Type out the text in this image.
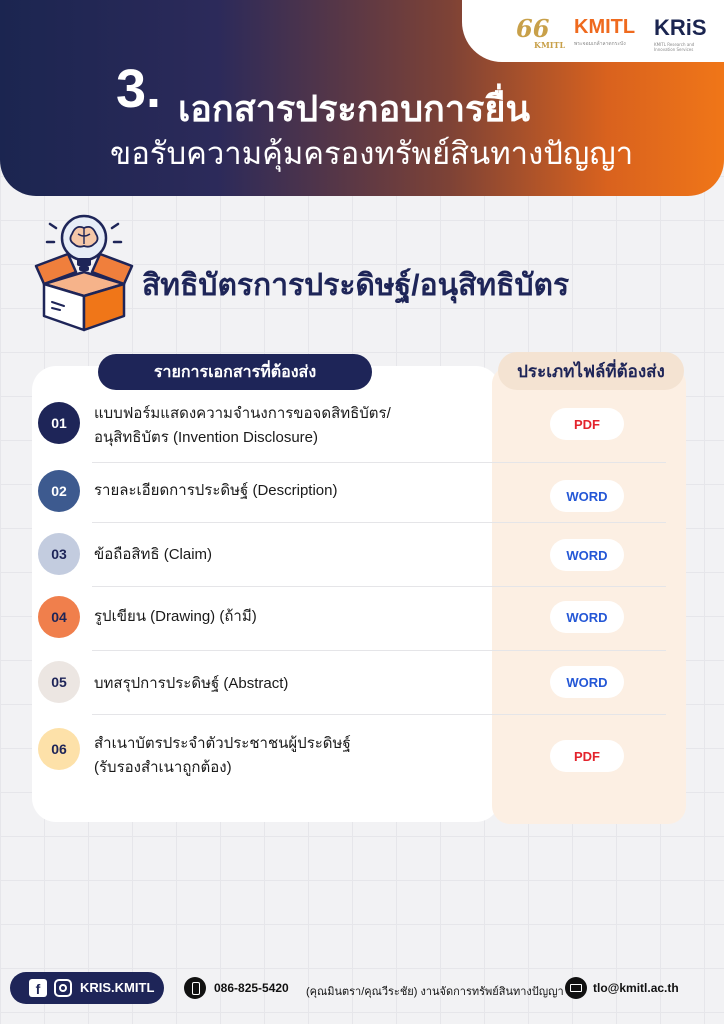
66
KMITL
KMITL
พระจอมเกล้าลาดกระบัง
KRiS
KMITL Research and Innovation Services
3. เอกสารประกอบการยื่น
ขอรับความคุ้มครองทรัพย์สินทางปัญญา
สิทธิบัตรการประดิษฐ์/อนุสิทธิบัตร
รายการเอกสารที่ต้องส่ง	ประเภทไฟล์ที่ต้องส่ง
01
แบบฟอร์มแสดงความจำนงการขอจดสิทธิบัตร/
อนุสิทธิบัตร (Invention Disclosure)
PDF
02	รายละเอียดการประดิษฐ์ (Description)	WORD
03	ข้อถือสิทธิ (Claim)	WORD
04	รูปเขียน (Drawing) (ถ้ามี)	WORD
05	บทสรุปการประดิษฐ์ (Abstract)	WORD
06	สำเนาบัตรประจำตัวประชาชนผู้ประดิษฐ์
(รับรองสำเนาถูกต้อง)
PDF
f	KRIS.KMITL	086-825-5420 (คุณมินตรา/คุณวีระชัย) งานจัดการทรัพย์สินทางปัญญา tlo@kmitl.ac.th
